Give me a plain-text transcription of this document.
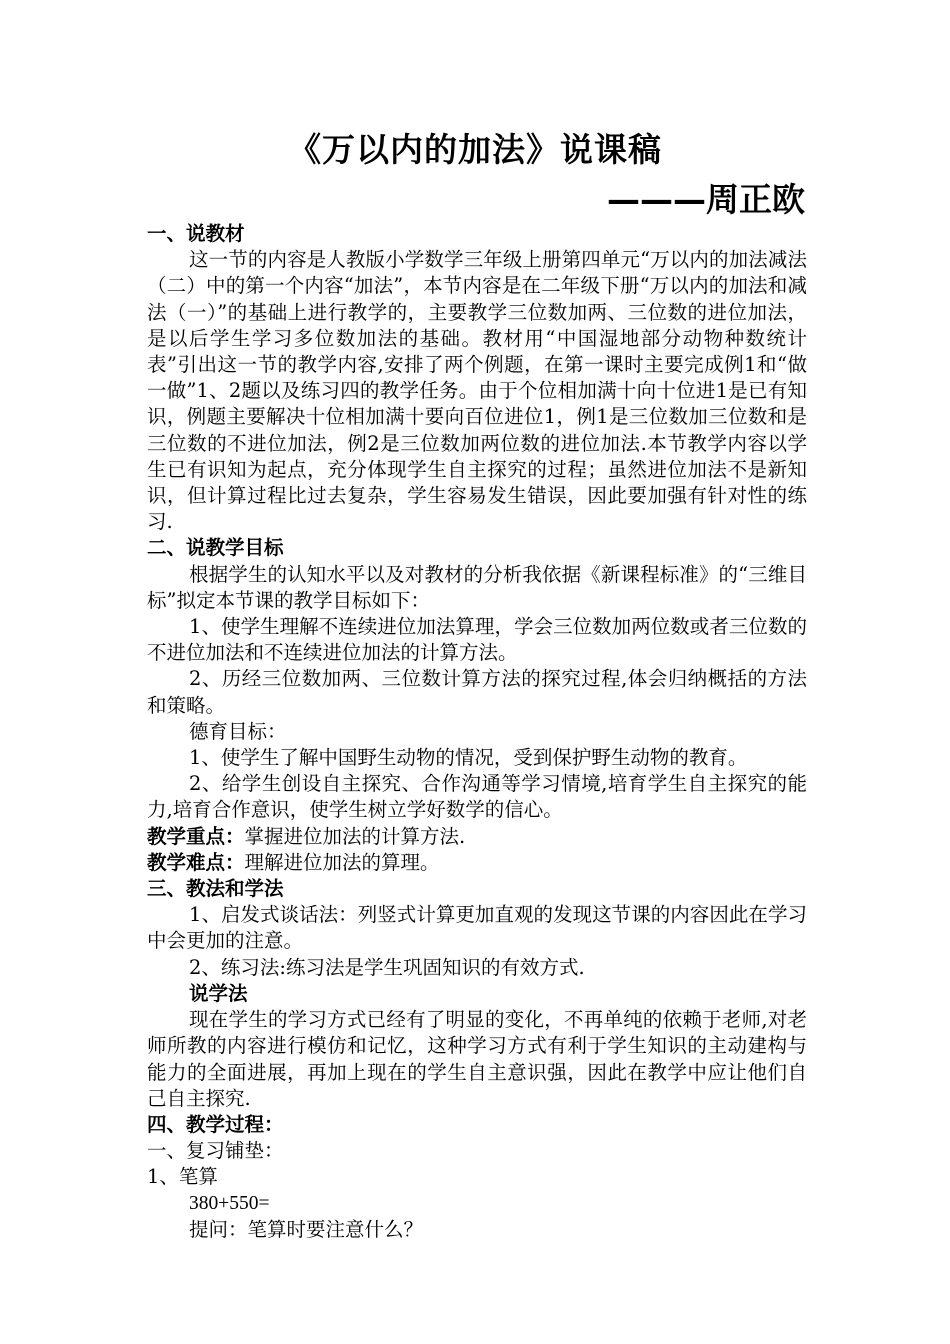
《万以内的加法》说课稿
———周正欧

一、说教材

这一节的内容是人教版小学数学三年级上册第四单元“万以内的加法减法（二）中的第一个内容“加法”，本节内容是在二年级下册“万以内的加法和减法（一）”的基础上进行教学的，主要教学三位数加两、三位数的进位加法，是以后学生学习多位数加法的基础。教材用“中国湿地部分动物种数统计表”引出这一节的教学内容,安排了两个例题，在第一课时主要完成例1和“做一做”1、2题以及练习四的教学任务。由于个位相加满十向十位进1是已有知识，例题主要解决十位相加满十要向百位进位1，例1是三位数加三位数和是三位数的不进位加法，例2是三位数加两位数的进位加法.本节教学内容以学生已有识知为起点，充分体现学生自主探究的过程；虽然进位加法不是新知识，但计算过程比过去复杂，学生容易发生错误，因此要加强有针对性的练习.

二、说教学目标

根据学生的认知水平以及对教材的分析我依据《新课程标准》的“三维目标”拟定本节课的教学目标如下：

1、使学生理解不连续进位加法算理，学会三位数加两位数或者三位数的不进位加法和不连续进位加法的计算方法。

2、历经三位数加两、三位数计算方法的探究过程,体会归纳概括的方法和策略。

德育目标：

1、使学生了解中国野生动物的情况，受到保护野生动物的教育。

2、给学生创设自主探究、合作沟通等学习情境,培育学生自主探究的能力,培育合作意识，使学生树立学好数学的信心。

教学重点：掌握进位加法的计算方法.

教学难点：理解进位加法的算理。

三、教法和学法

1、启发式谈话法：列竖式计算更加直观的发现这节课的内容因此在学习中会更加的注意。

2、练习法:练习法是学生巩固知识的有效方式.

说学法

现在学生的学习方式已经有了明显的变化，不再单纯的依赖于老师,对老师所教的内容进行模仿和记忆，这种学习方式有利于学生知识的主动建构与能力的全面进展，再加上现在的学生自主意识强，因此在教学中应让他们自己自主探究.

四、教学过程：

一、复习铺垫：

1、笔算

380+550=

提问：笔算时要注意什么？
